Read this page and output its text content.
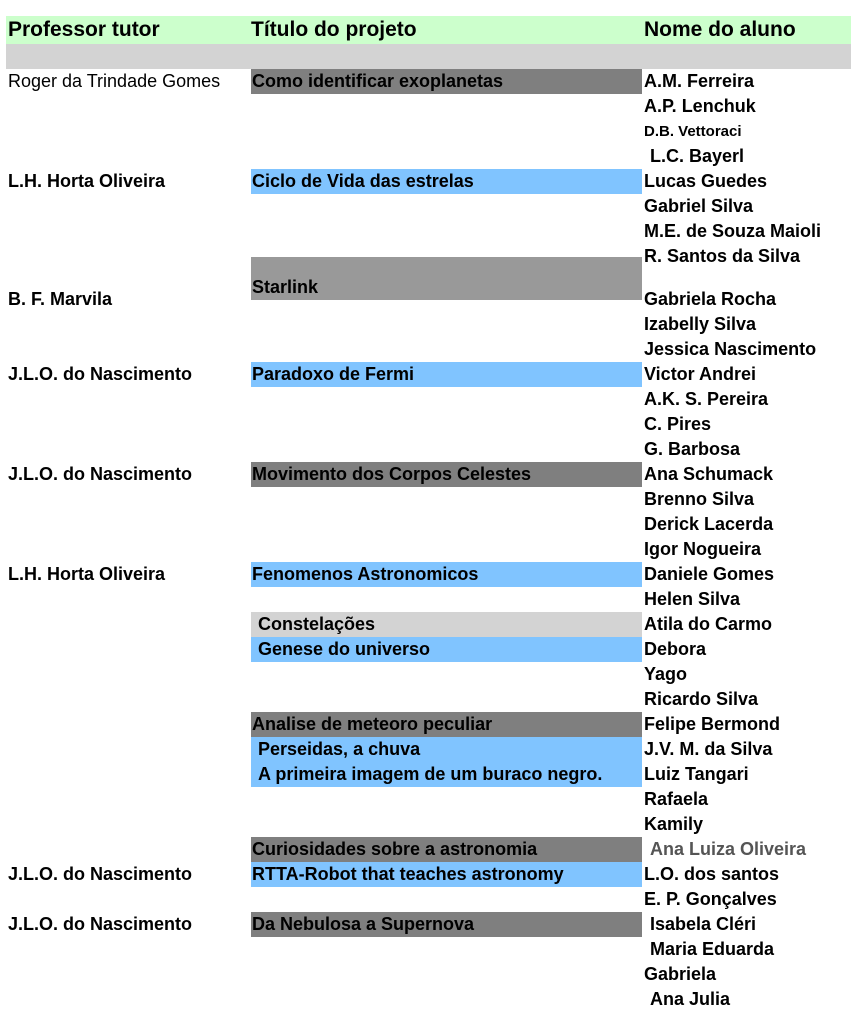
Professor tutor	Título do projeto	Nome do aluno
Roger da Trindade Gomes
L.H. Horta Oliveira
B. F. Marvila
J.L.O. do Nascimento
J.L.O. do Nascimento
L.H. Horta Oliveira
J.L.O. do Nascimento
J.L.O. do Nascimento
Como identificar exoplanetas
Ciclo de Vida das estrelas
Starlink
Paradoxo de Fermi
Movimento dos Corpos Celestes
Fenomenos Astronomicos
Constelações
Genese do universo
Analise de meteoro peculiar
Perseidas, a chuva
A primeira imagem de um buraco negro.
Curiosidades sobre a astronomia
RTTA-Robot that teaches astronomy
Da Nebulosa a Supernova
A.M. Ferreira
A.P. Lenchuk
D.B. Vettoraci
L.C. Bayerl
Lucas Guedes
Gabriel Silva
M.E. de Souza Maioli
R. Santos da Silva
Gabriela Rocha
Izabelly Silva
Jessica Nascimento
Victor Andrei
A.K. S. Pereira
C. Pires
G. Barbosa
Ana Schumack
Brenno Silva
Derick Lacerda
Igor Nogueira
Daniele Gomes
Helen Silva
Atila do Carmo
Debora
Yago
Ricardo Silva
Felipe Bermond
J.V. M. da Silva
Luiz Tangari
Rafaela
Kamily
Ana Luiza Oliveira
L.O. dos santos
E. P. Gonçalves
Isabela Cléri
Maria Eduarda
Gabriela
Ana Julia
